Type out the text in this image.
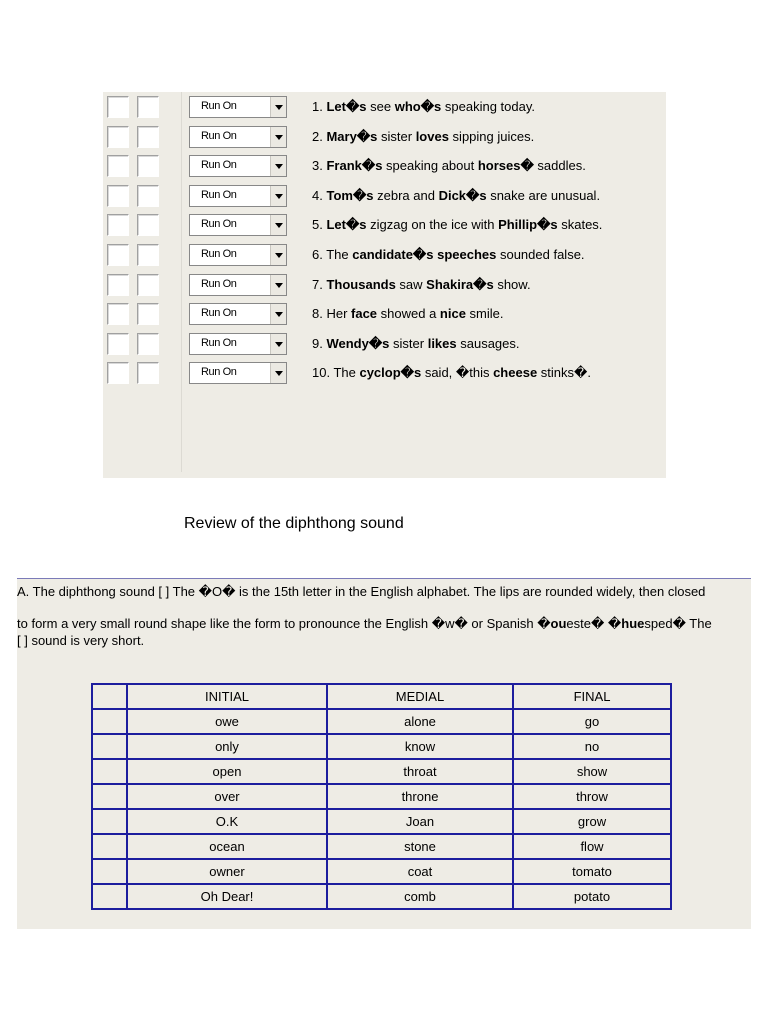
Run On	1. Let�s see who�s speaking today.
Run On	2. Mary�s sister loves sipping juices.
Run On	3. Frank�s speaking about horses� saddles.
Run On	4. Tom�s zebra and Dick�s snake are unusual.
Run On	5. Let�s zigzag on the ice with Phillip�s skates.
Run On	6. The candidate�s speeches sounded false.
Run On	7. Thousands saw Shakira�s show.
Run On	8. Her face showed a nice smile.
Run On	9. Wendy�s sister likes sausages.
Run On	10. The cyclop�s said, �this cheese stinks�.
Review of the diphthong sound
A. The diphthong sound [ ] The �O� is the 15th letter in the English alphabet. The lips are rounded widely, then closed
to form a very small round shape like the form to pronounce the English �w� or Spanish �oueste� �huesped� The
[ ] sound is very short.
	INITIAL	MEDIAL	FINAL
	owe	alone	go
	only	know	no
	open	throat	show
	over	throne	throw
	O.K	Joan	grow
	ocean	stone	flow
	owner	coat	tomato
	Oh Dear!	comb	potato
